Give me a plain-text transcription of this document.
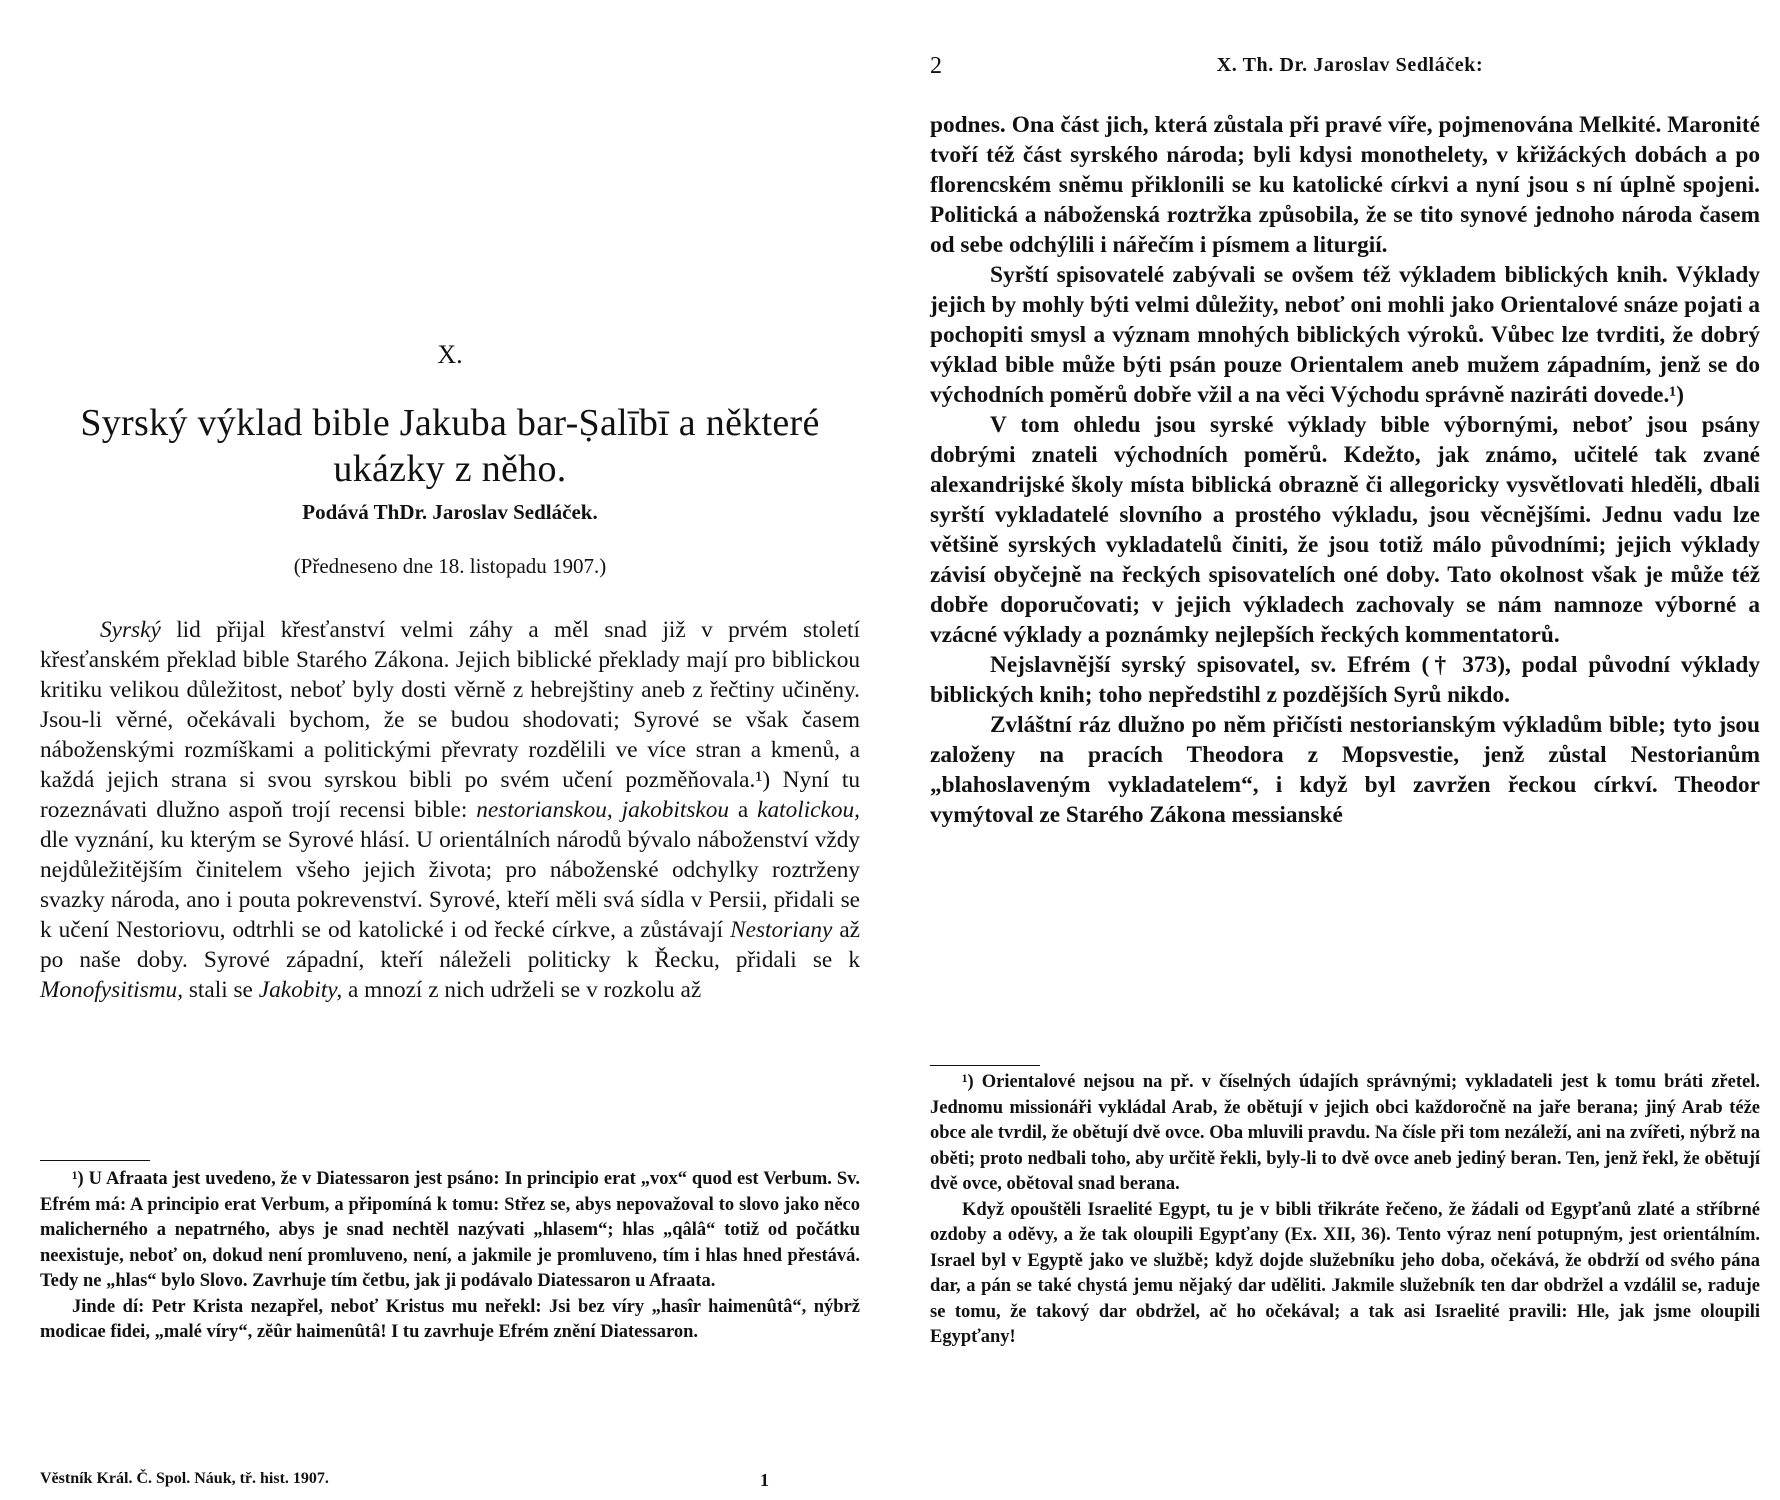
X.
Syrský výklad bible Jakuba bar-Ṣalībī a některé ukázky z něho.
Podává ThDr. Jaroslav Sedláček.
(Předneseno dne 18. listopadu 1907.)

Syrský lid přijal křesťanství velmi záhy a měl snad již v prvém století křesťanském překlad bible Starého Zákona. Jejich biblické překlady mají pro biblickou kritiku velikou důležitost, neboť byly dosti věrně z hebrejštiny aneb z řečtiny učiněny. Jsou-li věrné, očekávali bychom, že se budou shodovati; Syrové se však časem náboženskými rozmíškami a politickými převraty rozdělili ve více stran a kmenů, a každá jejich strana si svou syrskou bibli po svém učení pozměňovala.¹) Nyní tu rozeznávati dlužno aspoň trojí recensi bible: nestorianskou, jakobitskou a katolickou, dle vyznání, ku kterým se Syrové hlásí. U orientálních národů bývalo náboženství vždy nejdůležitějším činitelem všeho jejich života; pro náboženské odchylky roztrženy svazky národa, ano i pouta pokrevenství. Syrové, kteří měli svá sídla v Persii, přidali se k učení Nestoriovu, odtrhli se od katolické i od řecké církve, a zůstávají Nestoriany až po naše doby. Syrové západní, kteří náleželi politicky k Řecku, přidali se k Monofysitismu, stali se Jakobity, a mnozí z nich udrželi se v rozkolu až

¹) U Afraata jest uvedeno, že v Diatessaron jest psáno: In principio erat „vox“ quod est Verbum. Sv. Efrém má: A principio erat Verbum, a připomíná k tomu: Střez se, abys nepovažoval to slovo jako něco malicherného a nepatrného, abys je snad nechtěl nazývati „hlasem“; hlas „qâlâ“ totiž od počátku neexistuje, neboť on, dokud není promluveno, není, a jakmile je promluveno, tím i hlas hned přestává. Tedy ne „hlas“ bylo Slovo. Zavrhuje tím četbu, jak ji podávalo Diatessaron u Afraata.

Jinde dí: Petr Krista nezapřel, neboť Kristus mu neřekl: Jsi bez víry „hasîr haimenûtâ“, nýbrž modicae fidei, „malé víry“, zĕûr haimenûtâ! I tu zavrhuje Efrém znění Diatessaron.

Věstník Král. Č. Spol. Náuk, tř. hist. 1907.	1
2	X. Th. Dr. Jaroslav Sedláček:

podnes. Ona část jich, která zůstala při pravé víře, pojmenována Melkité. Maronité tvoří též část syrského národa; byli kdysi monothelety, v křižáckých dobách a po florencském sněmu přiklonili se ku katolické církvi a nyní jsou s ní úplně spojeni. Politická a náboženská roztržka způsobila, že se tito synové jednoho národa časem od sebe odchýlili i nářečím i písmem a liturgií.

Syrští spisovatelé zabývali se ovšem též výkladem biblických knih. Výklady jejich by mohly býti velmi důležity, neboť oni mohli jako Orientalové snáze pojati a pochopiti smysl a význam mnohých biblických výroků. Vůbec lze tvrditi, že dobrý výklad bible může býti psán pouze Orientalem aneb mužem západním, jenž se do východních poměrů dobře vžil a na věci Východu správně naziráti dovede.¹)

V tom ohledu jsou syrské výklady bible výbornými, neboť jsou psány dobrými znateli východních poměrů. Kdežto, jak známo, učitelé tak zvané alexandrijské školy místa biblická obrazně či allegoricky vysvětlovati hleděli, dbali syrští vykladatelé slovního a prostého výkladu, jsou věcnějšími. Jednu vadu lze většině syrských vykladatelů činiti, že jsou totiž málo původními; jejich výklady závisí obyčejně na řeckých spisovatelích oné doby. Tato okolnost však je může též dobře doporučovati; v jejich výkladech zachovaly se nám namnoze výborné a vzácné výklady a poznámky nejlepších řeckých kommentatorů.

Nejslavnější syrský spisovatel, sv. Efrém († 373), podal původní výklady biblických knih; toho nepředstihl z pozdějších Syrů nikdo.

Zvláštní ráz dlužno po něm přičísti nestorianským výkladům bible; tyto jsou založeny na pracích Theodora z Mopsvestie, jenž zůstal Nestorianům „blahoslaveným vykladatelem“, i když byl zavržen řeckou církví. Theodor vymýtoval ze Starého Zákona messianské

¹) Orientalové nejsou na př. v číselných údajích správnými; vykladateli jest k tomu bráti zřetel. Jednomu missionáři vykládal Arab, že obětují v jejich obci každoročně na jaře berana; jiný Arab téže obce ale tvrdil, že obětují dvě ovce. Oba mluvili pravdu. Na čísle při tom nezáleží, ani na zvířeti, nýbrž na oběti; proto nedbali toho, aby určitě řekli, byly-li to dvě ovce aneb jediný beran. Ten, jenž řekl, že obětují dvě ovce, obětoval snad berana.

Když opouštěli Israelité Egypt, tu je v bibli třikráte řečeno, že žádali od Egypťanů zlaté a stříbrné ozdoby a oděvy, a že tak oloupili Egypťany (Ex. XII, 36). Tento výraz není potupným, jest orientálním. Israel byl v Egyptě jako ve službě; když dojde služebníku jeho doba, očekává, že obdrží od svého pána dar, a pán se také chystá jemu nějaký dar uděliti. Jakmile služebník ten dar obdržel a vzdálil se, raduje se tomu, že takový dar obdržel, ač ho očekával; a tak asi Israelité pravili: Hle, jak jsme oloupili Egypťany!
